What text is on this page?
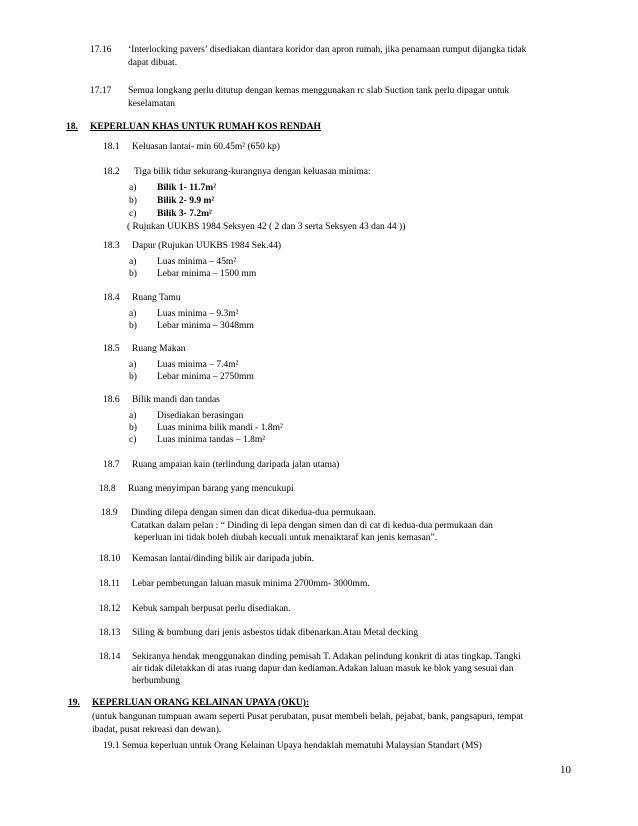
17.16 ‘Interlocking pavers’ disediakan diantara koridor dan apron rumah, jika penamaan rumput dijangka tidak
dapat dibuat.
17.17 Semua longkang perlu ditutup dengan kemas menggunakan rc slab Suction tank perlu dipagar untuk
keselamatan
18. KEPERLUAN KHAS UNTUK RUMAH KOS RENDAH
18.1 Keluasan lantai- min 60.45m² (650 kp)
18.2 Tiga bilik tidur sekurang-kurangnya dengan keluasan minima:
a) Bilik 1- 11.7m²
b) Bilik 2- 9.9 m²
c) Bilik 3- 7.2m²
( Rujukan UUKBS 1984 Seksyen 42 ( 2 dan 3 serta Seksyen 43 dan 44 ))
18.3 Dapur (Rujukan UUKBS 1984 Sek.44)
a) Luas minima – 45m²
b) Lebar minima – 1500 mm
18.4 Ruang Tamu
a) Luas minima – 9.3m²
b) Lebar minima – 3048mm
18.5 Ruang Makan
a) Luas minima – 7.4m²
b) Lebar minima – 2750mm
18.6 Bilik mandi dan tandas
a) Disediakan berasingan
b) Luas minima bilik mandi - 1.8m²
c) Luas minima tandas – 1.8m²
18.7 Ruang ampaian kain (terlindung daripada jalan utama)
18.8 Ruang menyimpan barang yang mencukupi
18.9 Dinding dilepa dengan simen dan dicat dikedua-dua permukaan.
Catatkan dalam pelan : “ Dinding di lepa dengan simen dan di cat di kedua-dua permukaan dan
keperluan ini tidak boleh diubah kecuali untuk menaiktaraf kan jenis kemasan”.
18.10 Kemasan lantai/dinding bilik air daripada jubin.
18.11 Lebar pembetungan laluan masuk minima 2700mm- 3000mm.
18.12 Kebuk sampah berpusat perlu disediakan.
18.13 Siling & bumbung dari jenis asbestos tidak dibenarkan.Atau Metal decking
18.14 Sekiranya hendak menggunakan dinding pemisah T. Adakan pelindung konkrit di atas tingkap. Tangki
air tidak diletakkan di atas ruang dapur dan kediaman.Adakan laluan masuk ke blok yang sesuai dan
berbumbung
19. KEPERLUAN ORANG KELAINAN UPAYA (OKU):
(untuk bangunan tumpuan awam seperti Pusat perubatan, pusat membeli belah, pejabat, bank, pangsapuri, tempat
ibadat, pusat rekreasi dan dewan).
19.1 Semua keperluan untuk Orang Kelainan Upaya hendaklah mematuhi Malaysian Standart (MS)
10
